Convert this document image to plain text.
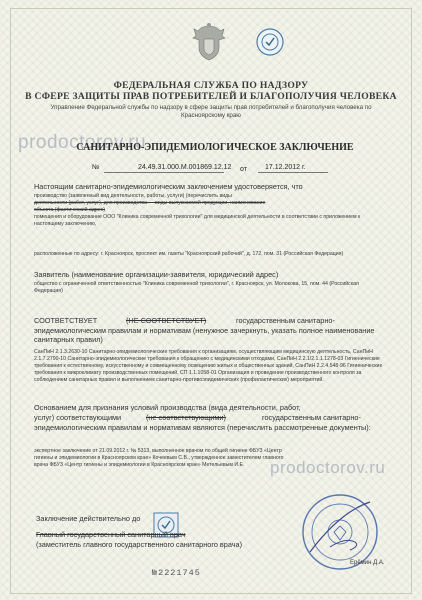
ФЕДЕРАЛЬНАЯ СЛУЖБА ПО НАДЗОРУ
В СФЕРЕ ЗАЩИТЫ ПРАВ ПОТРЕБИТЕЛЕЙ И БЛАГОПОЛУЧИЯ ЧЕЛОВЕКА
Управление Федеральной службы по надзору в сфере защиты прав потребителей и благополучия человека по Красноярскому краю
prodoctorov.ru
САНИТАРНО-ЭПИДЕМИОЛОГИЧЕСКОЕ ЗАКЛЮЧЕНИЕ
№	24.49.31.000.М.001869.12.12 от	17.12.2012 г.
Настоящим санитарно-эпидемиологическим заключением удостоверяется, что
производство (заявленный вид деятельности, работы, услуги) (перечислить виды
деятельности (работ, услуг), для производства — виды выпускаемой продукции, наименование
объекта (фактический адрес)
помещения и оборудование ООО "Клиника современной трихологии" для медицинской деятельности в соответствии с приложением к настоящему заключению,
расположенные по адресу: г. Красноярск, проспект им. газеты "Красноярский рабочий", д. 172, пом. 31 (Российская Федерация)
Заявитель (наименование организации-заявителя, юридический адрес)
общество с ограниченной ответственностью "Клиника современной трихологии", г. Красноярск, ул. Молокова, 15, пом. 44 (Российская Федерация)
СООТВЕТСТВУЕТ	(НЕ СООТВЕТСТВУЕТ)	государственным санитарно-
эпидемиологическим правилам и нормативам (ненужное зачеркнуть, указать полное наименование санитарных правил)
СанПиН 2.1.3.2630-10 Санитарно-эпидемиологические требования к организациям, осуществляющим медицинскую деятельность, СанПиН 2.1.7.2790-10 Санитарно-эпидемиологические требования к обращению с медицинскими отходами, СанПиН 2.2.1/2.1.1.1278-03 Гигиенические требования к естественному, искусственному и совмещенному освещению жилых и общественных зданий, СанПиН 2.2.4.548-96 Гигиенические требования к микроклимату производственных помещений, СП 1.1.1058-01 Организация и проведение производственного контроля за соблюдением санитарных правил и выполнением санитарно-противоэпидемических (профилактических) мероприятий.
Основанием для признания условий производства (вида деятельности, работ,
услуг) соответствующими	(не соответствующими)	государственным санитарно-
эпидемиологическим правилам и нормативам являются (перечислить рассмотренные документы):
экспертное заключение от 21.09.2012 г. № 5313, выполненное врачом по общей гигиене ФБУЗ «Центр гигиены и эпидемиологии в Красноярском крае» Кочеевым С.В., утвержденное заместителем главного врача ФБУЗ «Центр гигиены и эпидемиологии в Красноярском крае» Метельевым И.Е.	prodoctorov.ru
Заключение действительно до
Главный государственный санитарный врач
(заместитель главного государственного санитарного врача)
Ерёмин Д.А.
№2221745
